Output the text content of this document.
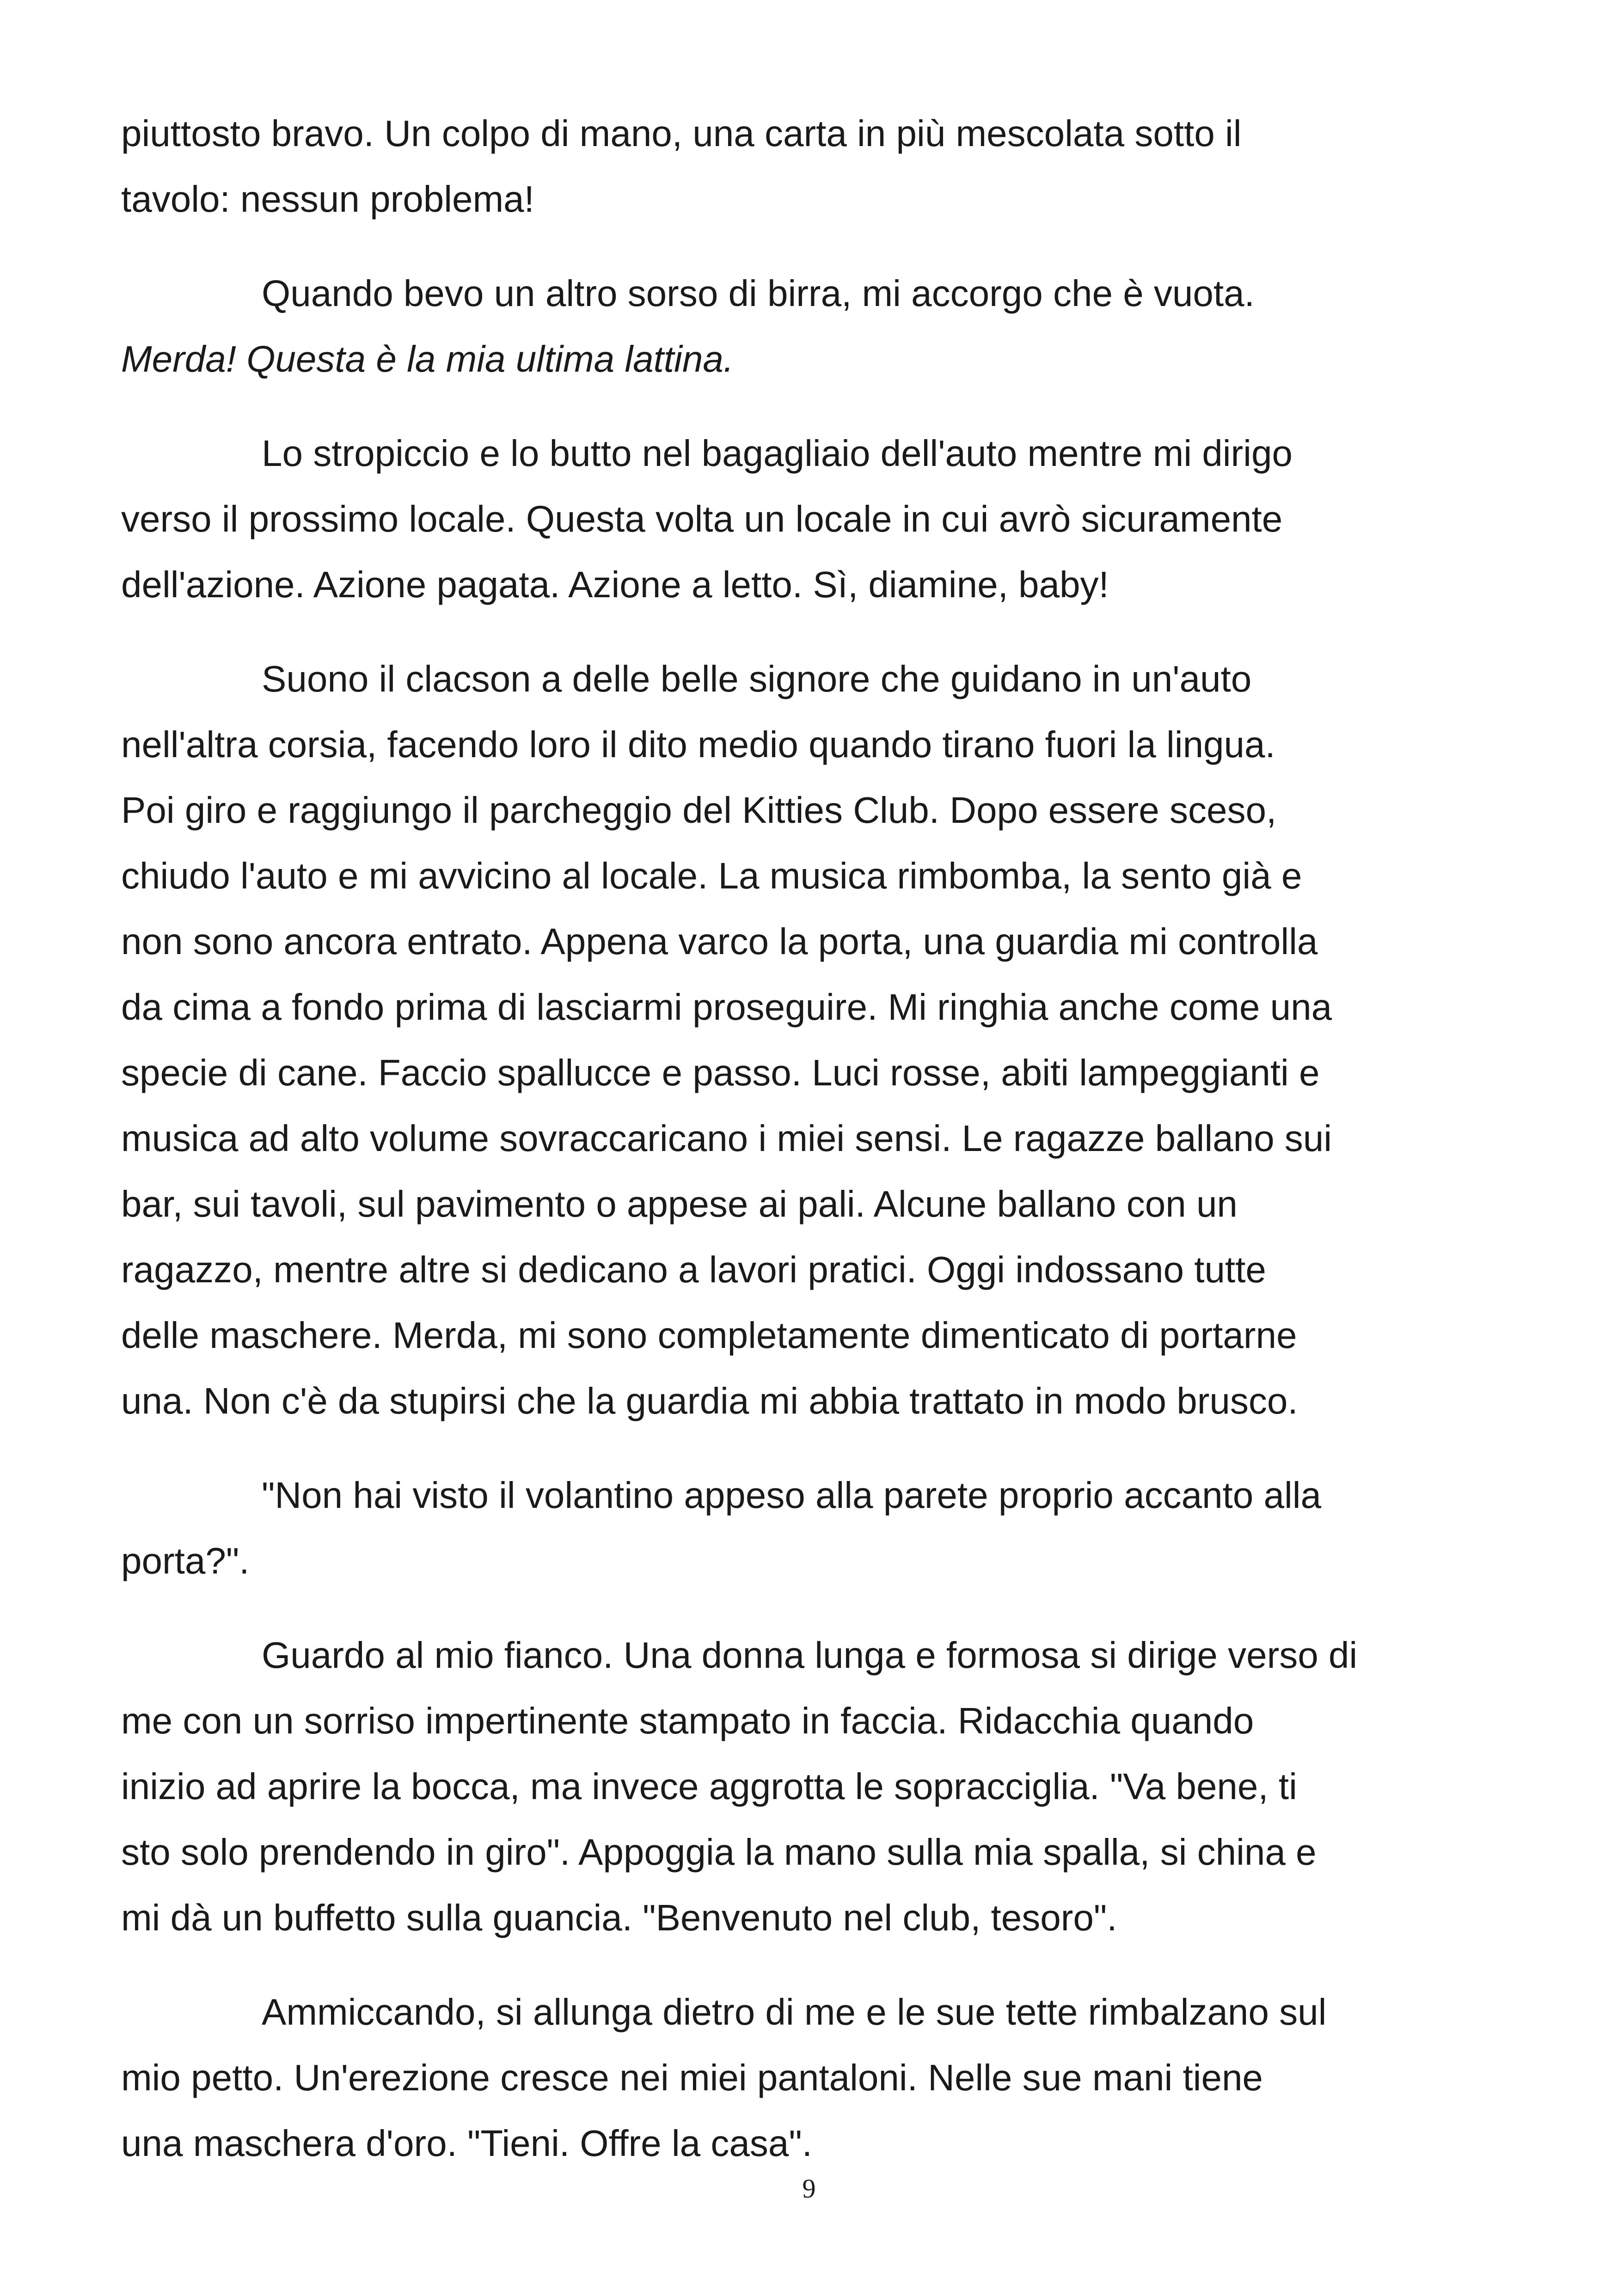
piuttosto bravo. Un colpo di mano, una carta in più mescolata sotto il
tavolo: nessun problema!

Quando bevo un altro sorso di birra, mi accorgo che è vuota.
Merda! Questa è la mia ultima lattina.

Lo stropiccio e lo butto nel bagagliaio dell'auto mentre mi dirigo
verso il prossimo locale. Questa volta un locale in cui avrò sicuramente
dell'azione. Azione pagata. Azione a letto. Sì, diamine, baby!

Suono il clacson a delle belle signore che guidano in un'auto
nell'altra corsia, facendo loro il dito medio quando tirano fuori la lingua.
Poi giro e raggiungo il parcheggio del Kitties Club. Dopo essere sceso,
chiudo l'auto e mi avvicino al locale. La musica rimbomba, la sento già e
non sono ancora entrato. Appena varco la porta, una guardia mi controlla
da cima a fondo prima di lasciarmi proseguire. Mi ringhia anche come una
specie di cane. Faccio spallucce e passo. Luci rosse, abiti lampeggianti e
musica ad alto volume sovraccaricano i miei sensi. Le ragazze ballano sui
bar, sui tavoli, sul pavimento o appese ai pali. Alcune ballano con un
ragazzo, mentre altre si dedicano a lavori pratici. Oggi indossano tutte
delle maschere. Merda, mi sono completamente dimenticato di portarne
una. Non c'è da stupirsi che la guardia mi abbia trattato in modo brusco.

"Non hai visto il volantino appeso alla parete proprio accanto alla
porta?".

Guardo al mio fianco. Una donna lunga e formosa si dirige verso di
me con un sorriso impertinente stampato in faccia. Ridacchia quando
inizio ad aprire la bocca, ma invece aggrotta le sopracciglia. "Va bene, ti
sto solo prendendo in giro". Appoggia la mano sulla mia spalla, si china e
mi dà un buffetto sulla guancia. "Benvenuto nel club, tesoro".

Ammiccando, si allunga dietro di me e le sue tette rimbalzano sul
mio petto. Un'erezione cresce nei miei pantaloni. Nelle sue mani tiene
una maschera d'oro. "Tieni. Offre la casa".

9
